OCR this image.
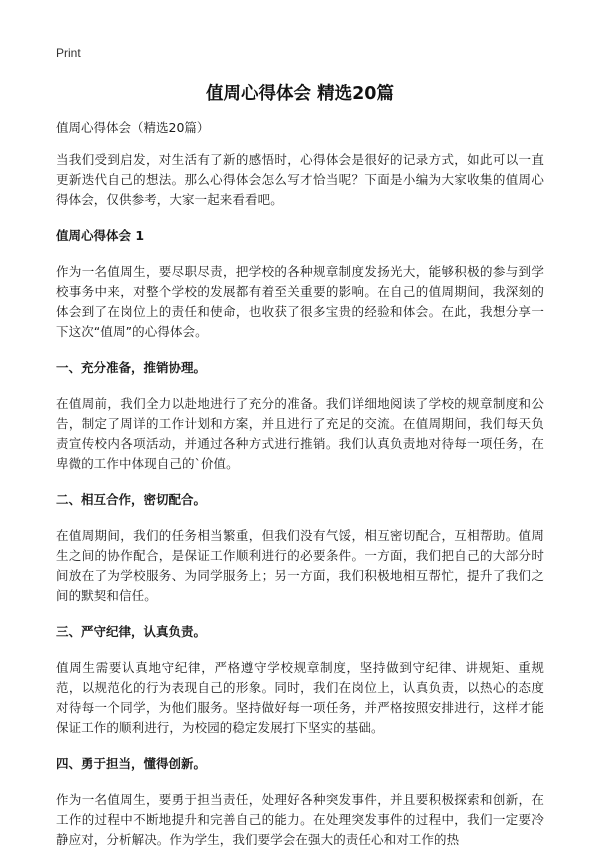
Print
值周心得体会 精选20篇
值周心得体会（精选20篇）

当我们受到启发，对生活有了新的感悟时，心得体会是很好的记录方式，如此可以一直更新迭代自己的想法。那么心得体会怎么写才恰当呢？下面是小编为大家收集的值周心得体会，仅供参考，大家一起来看看吧。

值周心得体会 1

作为一名值周生，要尽职尽责，把学校的各种规章制度发扬光大，能够积极的参与到学校事务中来，对整个学校的发展都有着至关重要的影响。在自己的值周期间，我深刻的体会到了在岗位上的责任和使命，也收获了很多宝贵的经验和体会。在此，我想分享一下这次“值周”的心得体会。

一、充分准备，推销协理。

在值周前，我们全力以赴地进行了充分的准备。我们详细地阅读了学校的规章制度和公告，制定了周详的工作计划和方案，并且进行了充足的交流。在值周期间，我们每天负责宣传校内各项活动，并通过各种方式进行推销。我们认真负责地对待每一项任务，在卑微的工作中体现自己的`价值。

二、相互合作，密切配合。

在值周期间，我们的任务相当繁重，但我们没有气馁，相互密切配合，互相帮助。值周生之间的协作配合，是保证工作顺利进行的必要条件。一方面，我们把自己的大部分时间放在了为学校服务、为同学服务上；另一方面，我们积极地相互帮忙，提升了我们之间的默契和信任。

三、严守纪律，认真负责。

值周生需要认真地守纪律，严格遵守学校规章制度，坚持做到守纪律、讲规矩、重规范，以规范化的行为表现自己的形象。同时，我们在岗位上，认真负责，以热心的态度对待每一个同学，为他们服务。坚持做好每一项任务，并严格按照安排进行，这样才能保证工作的顺利进行，为校园的稳定发展打下坚实的基础。

四、勇于担当，懂得创新。

作为一名值周生，要勇于担当责任，处理好各种突发事件，并且要积极探索和创新，在工作的过程中不断地提升和完善自己的能力。在处理突发事件的过程中，我们一定要冷静应对，分析解决。作为学生，我们要学会在强大的责任心和对工作的热
